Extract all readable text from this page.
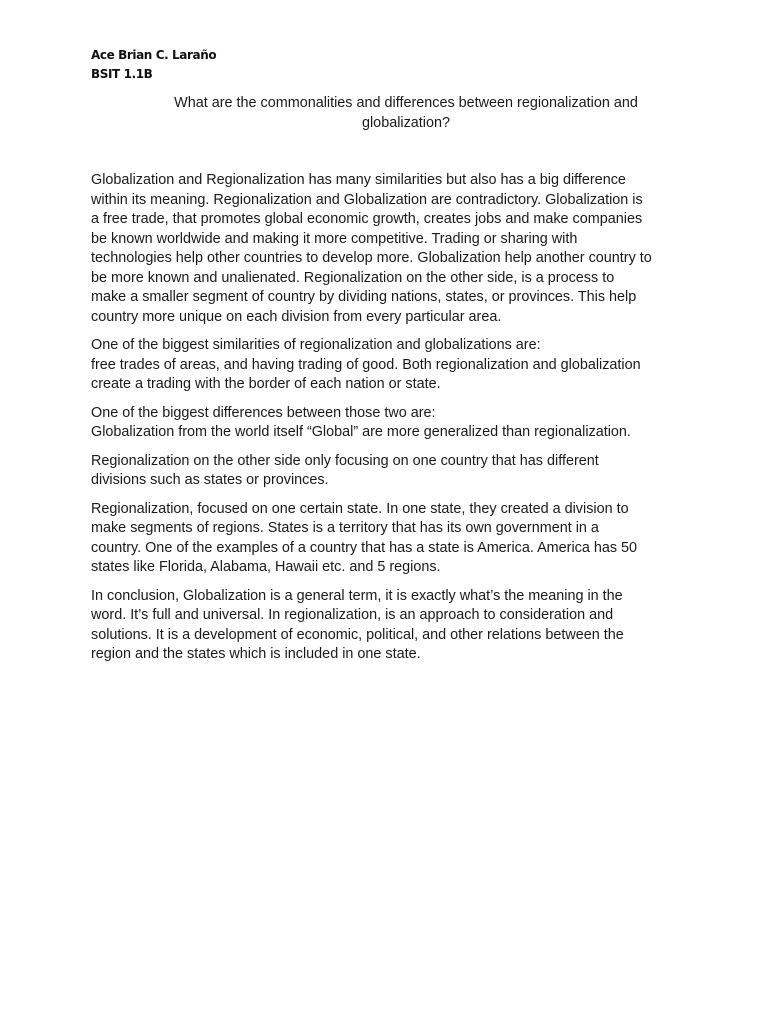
Ace Brian C. Laraño
BSIT 1.1B
What are the commonalities and differences between regionalization and
globalization?

Globalization and Regionalization has many similarities but also has a big difference
within its meaning. Regionalization and Globalization are contradictory. Globalization is
a free trade, that promotes global economic growth, creates jobs and make companies
be known worldwide and making it more competitive. Trading or sharing with
technologies help other countries to develop more. Globalization help another country to
be more known and unalienated. Regionalization on the other side, is a process to
make a smaller segment of country by dividing nations, states, or provinces. This help
country more unique on each division from every particular area.

One of the biggest similarities of regionalization and globalizations are:
free trades of areas, and having trading of good. Both regionalization and globalization
create a trading with the border of each nation or state.

One of the biggest differences between those two are:
Globalization from the world itself “Global” are more generalized than regionalization.

Regionalization on the other side only focusing on one country that has different
divisions such as states or provinces.

Regionalization, focused on one certain state. In one state, they created a division to
make segments of regions. States is a territory that has its own government in a
country. One of the examples of a country that has a state is America. America has 50
states like Florida, Alabama, Hawaii etc. and 5 regions.

In conclusion, Globalization is a general term, it is exactly what’s the meaning in the
word. It’s full and universal. In regionalization, is an approach to consideration and
solutions. It is a development of economic, political, and other relations between the
region and the states which is included in one state.
